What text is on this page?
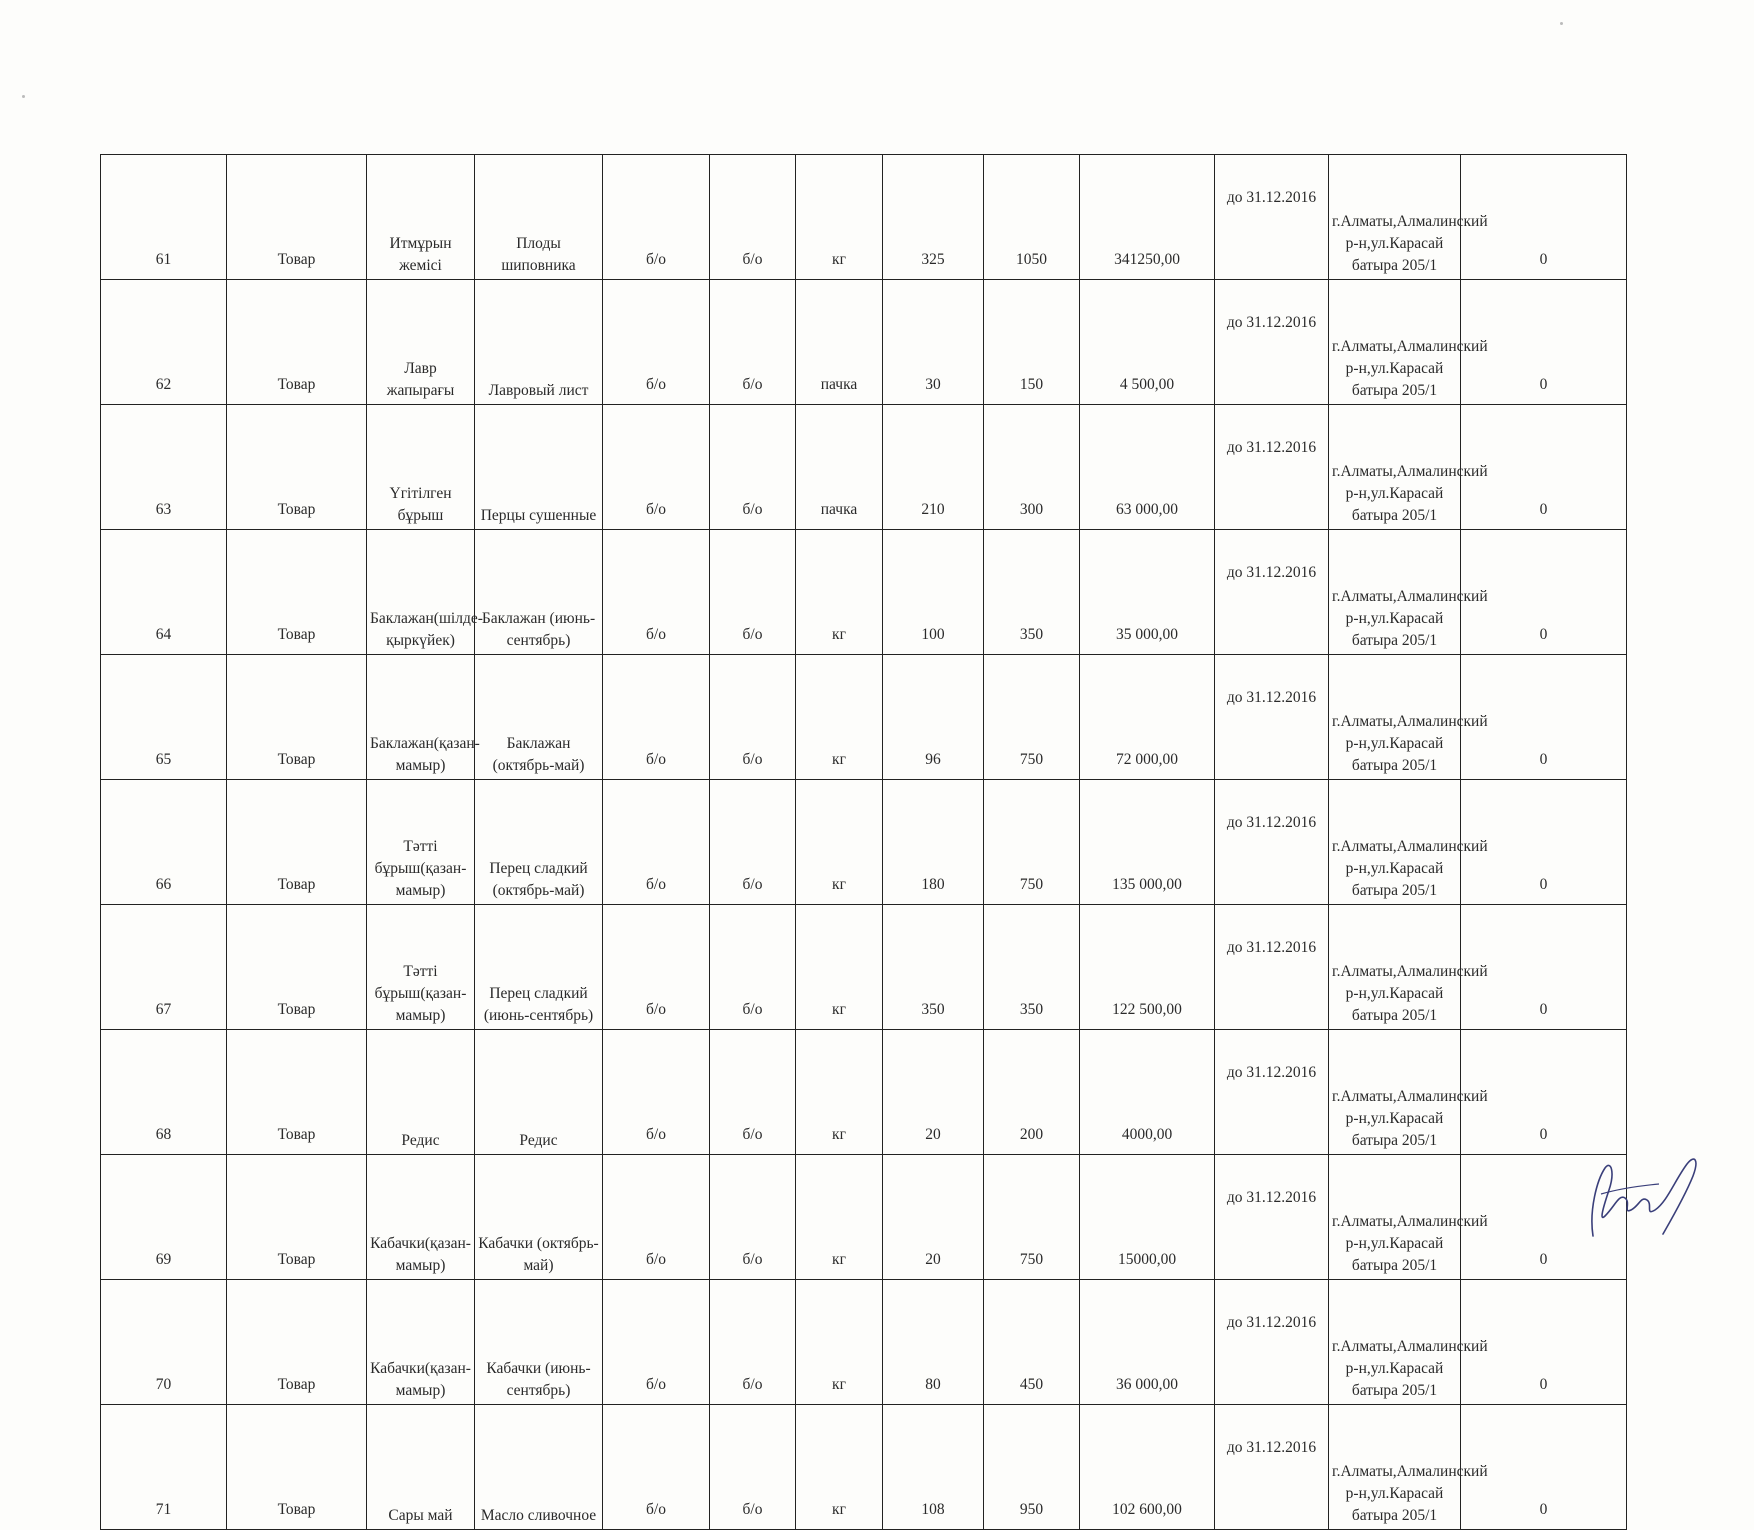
61	Товар	Итмұрын жемісі	Плоды шиповника	б/о	б/о	кг	325	1050	341250,00	до 31.12.2016	г.Алматы,Алмалинский р-н,ул.Карасай батыра 205/1	0
62	Товар	Лавр жапырағы	Лавровый лист	б/о	б/о	пачка	30	150	4 500,00	до 31.12.2016	г.Алматы,Алмалинский р-н,ул.Карасай батыра 205/1	0
63	Товар	Үгітілген бұрыш	Перцы сушенные	б/о	б/о	пачка	210	300	63 000,00	до 31.12.2016	г.Алматы,Алмалинский р-н,ул.Карасай батыра 205/1	0
64	Товар	Баклажан(шілде-қыркүйек)	Баклажан (июнь-сентябрь)	б/о	б/о	кг	100	350	35 000,00	до 31.12.2016	г.Алматы,Алмалинский р-н,ул.Карасай батыра 205/1	0
65	Товар	Баклажан(қазан-мамыр)	Баклажан (октябрь-май)	б/о	б/о	кг	96	750	72 000,00	до 31.12.2016	г.Алматы,Алмалинский р-н,ул.Карасай батыра 205/1	0
66	Товар	Тәтті бұрыш(қазан-мамыр)	Перец сладкий (октябрь-май)	б/о	б/о	кг	180	750	135 000,00	до 31.12.2016	г.Алматы,Алмалинский р-н,ул.Карасай батыра 205/1	0
67	Товар	Тәтті бұрыш(қазан-мамыр)	Перец сладкий (июнь-сентябрь)	б/о	б/о	кг	350	350	122 500,00	до 31.12.2016	г.Алматы,Алмалинский р-н,ул.Карасай батыра 205/1	0
68	Товар	Редис	Редис	б/о	б/о	кг	20	200	4000,00	до 31.12.2016	г.Алматы,Алмалинский р-н,ул.Карасай батыра 205/1	0
69	Товар	Кабачки(қазан-мамыр)	Кабачки (октябрь-май)	б/о	б/о	кг	20	750	15000,00	до 31.12.2016	г.Алматы,Алмалинский р-н,ул.Карасай батыра 205/1	0
70	Товар	Кабачки(қазан-мамыр)	Кабачки (июнь-сентябрь)	б/о	б/о	кг	80	450	36 000,00	до 31.12.2016	г.Алматы,Алмалинский р-н,ул.Карасай батыра 205/1	0
71	Товар	Сары май	Масло сливочное	б/о	б/о	кг	108	950	102 600,00	до 31.12.2016	г.Алматы,Алмалинский р-н,ул.Карасай батыра 205/1	0
